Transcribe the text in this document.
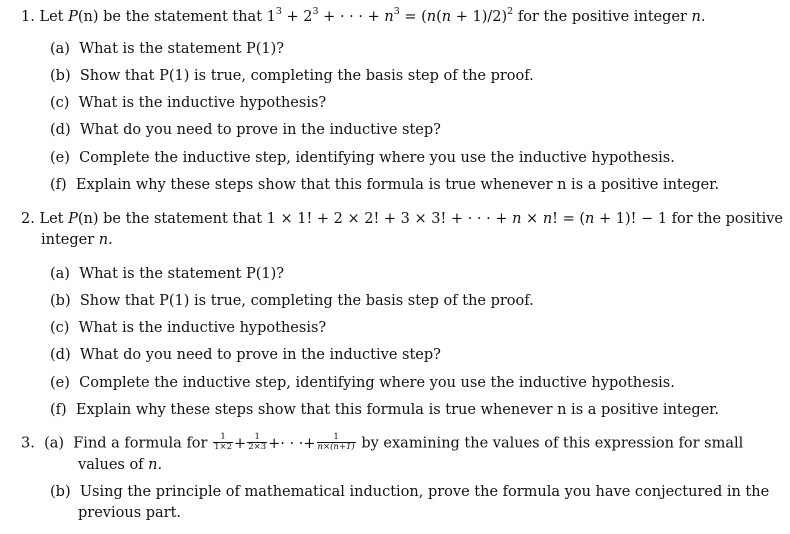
1. Let P(n) be the statement that $1^3 + 2^3$ + · · · + $n^3 = (n(n + 1)/2)^2$ for the positive integer n.
(a) What is the statement P(1)?
(b) Show that P(1) is true, completing the basis step of the proof.
(c) What is the inductive hypothesis?
(d) What do you need to prove in the inductive step?
(e) Complete the inductive step, identifying where you use the inductive hypothesis.
(f) Explain why these steps show that this formula is true whenever n is a positive integer.
2. Let P(n) be the statement that 1 × 1! + 2 × 2! + 3 × 3! + · · · + n × n! = (n + 1)! − 1 for the positive
integer n.
(a) What is the statement P(1)?
(b) Show that P(1) is true, completing the basis step of the proof.
(c) What is the inductive hypothesis?
(d) What do you need to prove in the inductive step?
(e) Complete the inductive step, identifying where you use the inductive hypothesis.
(f) Explain why these steps show that this formula is true whenever n is a positive integer.
3. (a) Find a formula for $\frac{1}{1\times 2} + \frac{1}{2\times 3}$ +· · ·+ $\frac{1}{n\times(n+1)}$ by examining the values of this expression for small
values of n.
(b) Using the principle of mathematical induction, prove the formula you have conjectured in the
previous part.
